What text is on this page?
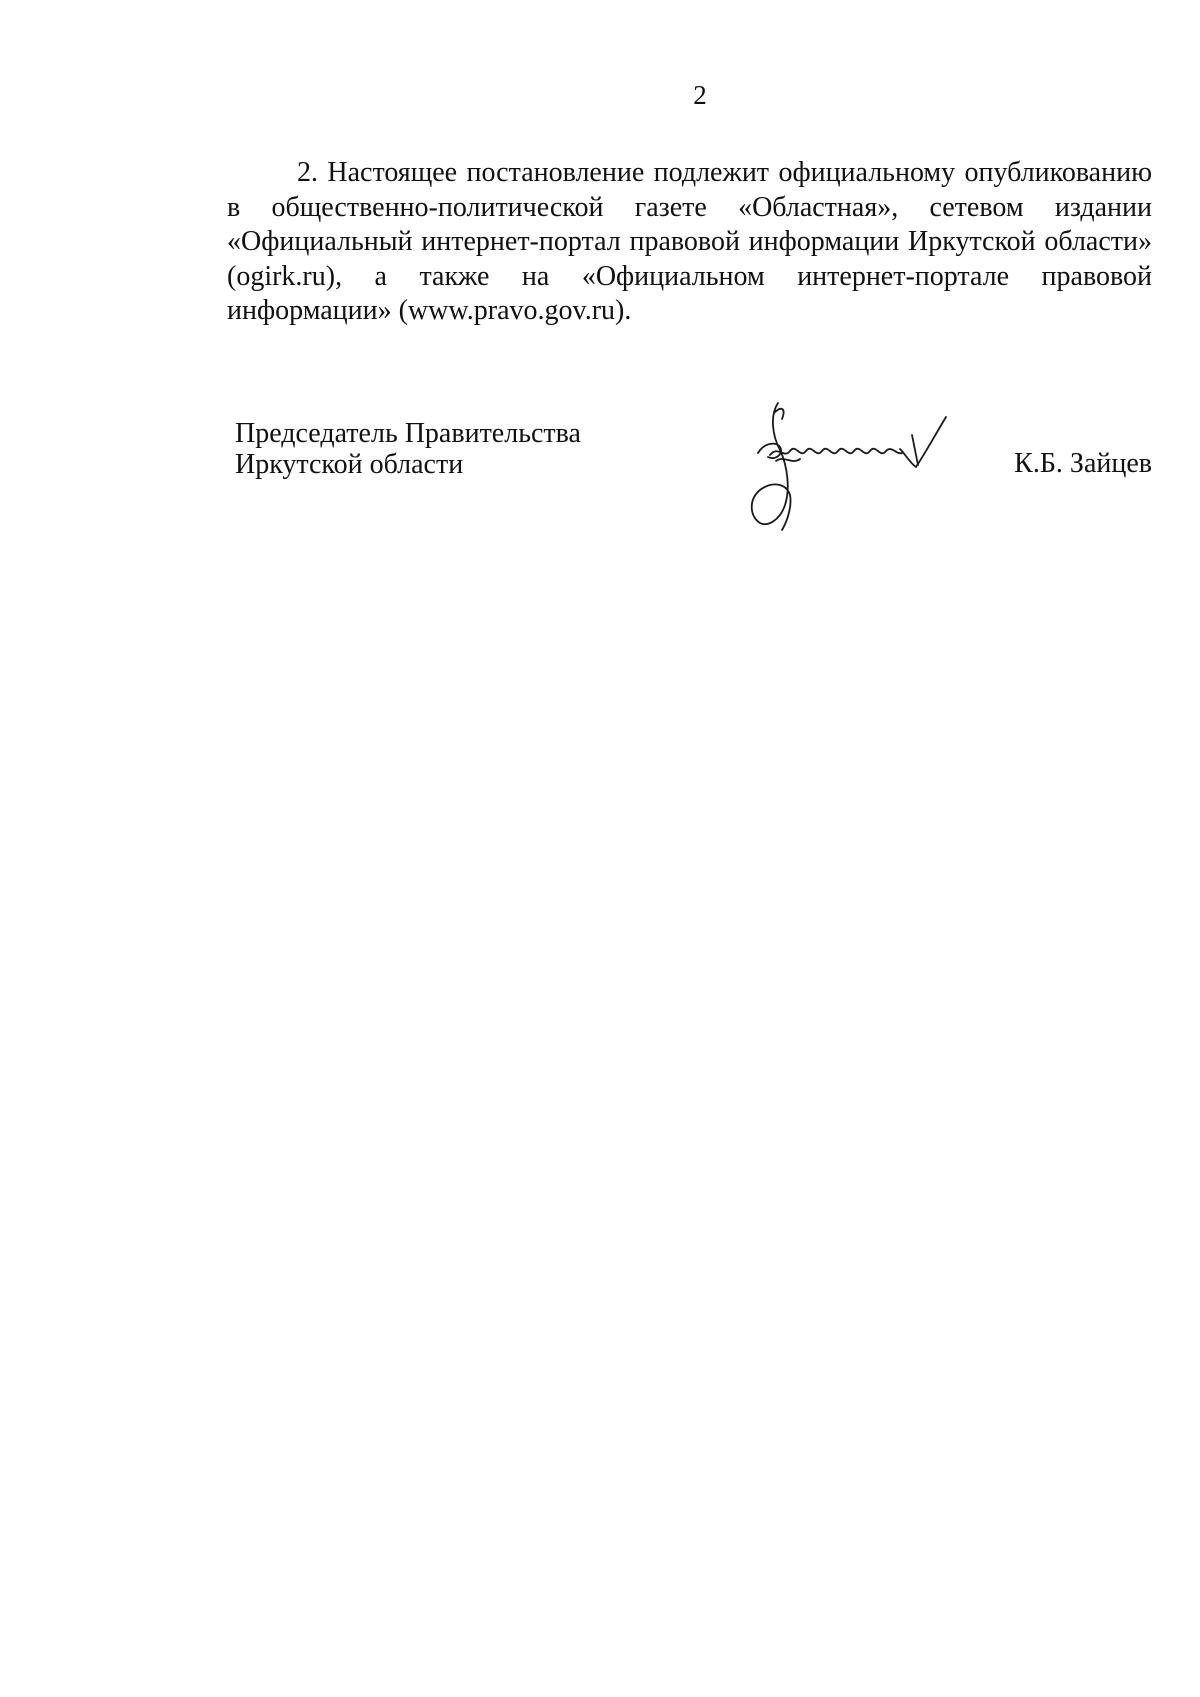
2

2. Настоящее постановление подлежит официальному опубликованию в общественно-политической газете «Областная», сетевом издании «Официальный интернет-портал правовой информации Иркутской области» (ogirk.ru), а также на «Официальном интернет-портале правовой информации» (www.pravo.gov.ru).

Председатель Правительства
Иркутской области	К.Б. Зайцев
